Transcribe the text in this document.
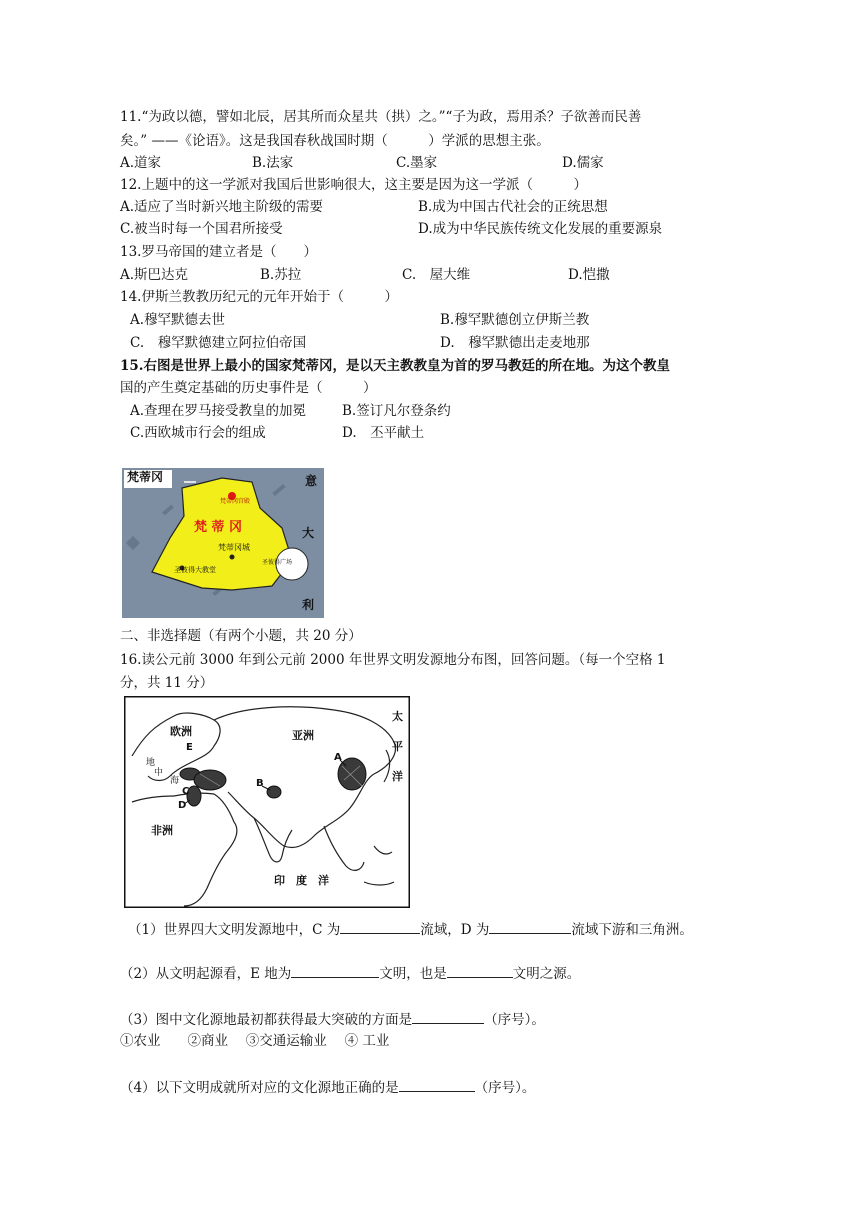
11.“为政以德，譬如北辰，居其所而众星共（拱）之。”“子为政，焉用杀？子欲善而民善
矣。” ——《论语》。这是我国春秋战国时期（　　　）学派的思想主张。
A.道家	B.法家	C.墨家	D.儒家
12.上题中的这一学派对我国后世影响很大，这主要是因为这一学派（　　　）
A.适应了当时新兴地主阶级的需要	B.成为中国古代社会的正统思想
C.被当时每一个国君所接受	D.成为中华民族传统文化发展的重要源泉
13.罗马帝国的建立者是（　　）
A.斯巴达克	B.苏拉	C.　屋大维	D.恺撒
14.伊斯兰教教历纪元的元年开始于（　　　）
A.穆罕默德去世	B.穆罕默德创立伊斯兰教
C.　穆罕默德建立阿拉伯帝国	D.　穆罕默德出走麦地那
15.右图是世界上最小的国家梵蒂冈，是以天主教教皇为首的罗马教廷的所在地。为这个教皇
国的产生奠定基础的历史事件是（　　　）
A.查理在罗马接受教皇的加冕	B.签订凡尔登条约
C.西欧城市行会的组成	D.　丕平献土
梵蒂冈
梵蒂冈宫殿
梵 蒂 冈
梵蒂冈城
圣彼得大教堂
圣彼得广场
意
大
利
二、非选择题（有两个小题，共 20 分）
16.读公元前 3000 年到公元前 2000 年世界文明发源地分布图，回答问题。（每一个空格 1
分，共 11 分）
欧洲	亚洲
非洲
太
平
洋
印 度 洋
地
中
海
A
B
C
D
E
（1）世界四大文明发源地中，C 为	流域，D 为	流域下游和三角洲。
（2）从文明起源看，E 地为	文明，也是	文明之源。
（3）图中文化源地最初都获得最大突破的方面是	（序号）。
①农业　　②商业　 ③交通运输业　 ④ 工业
（4）以下文明成就所对应的文化源地正确的是	（序号）。
